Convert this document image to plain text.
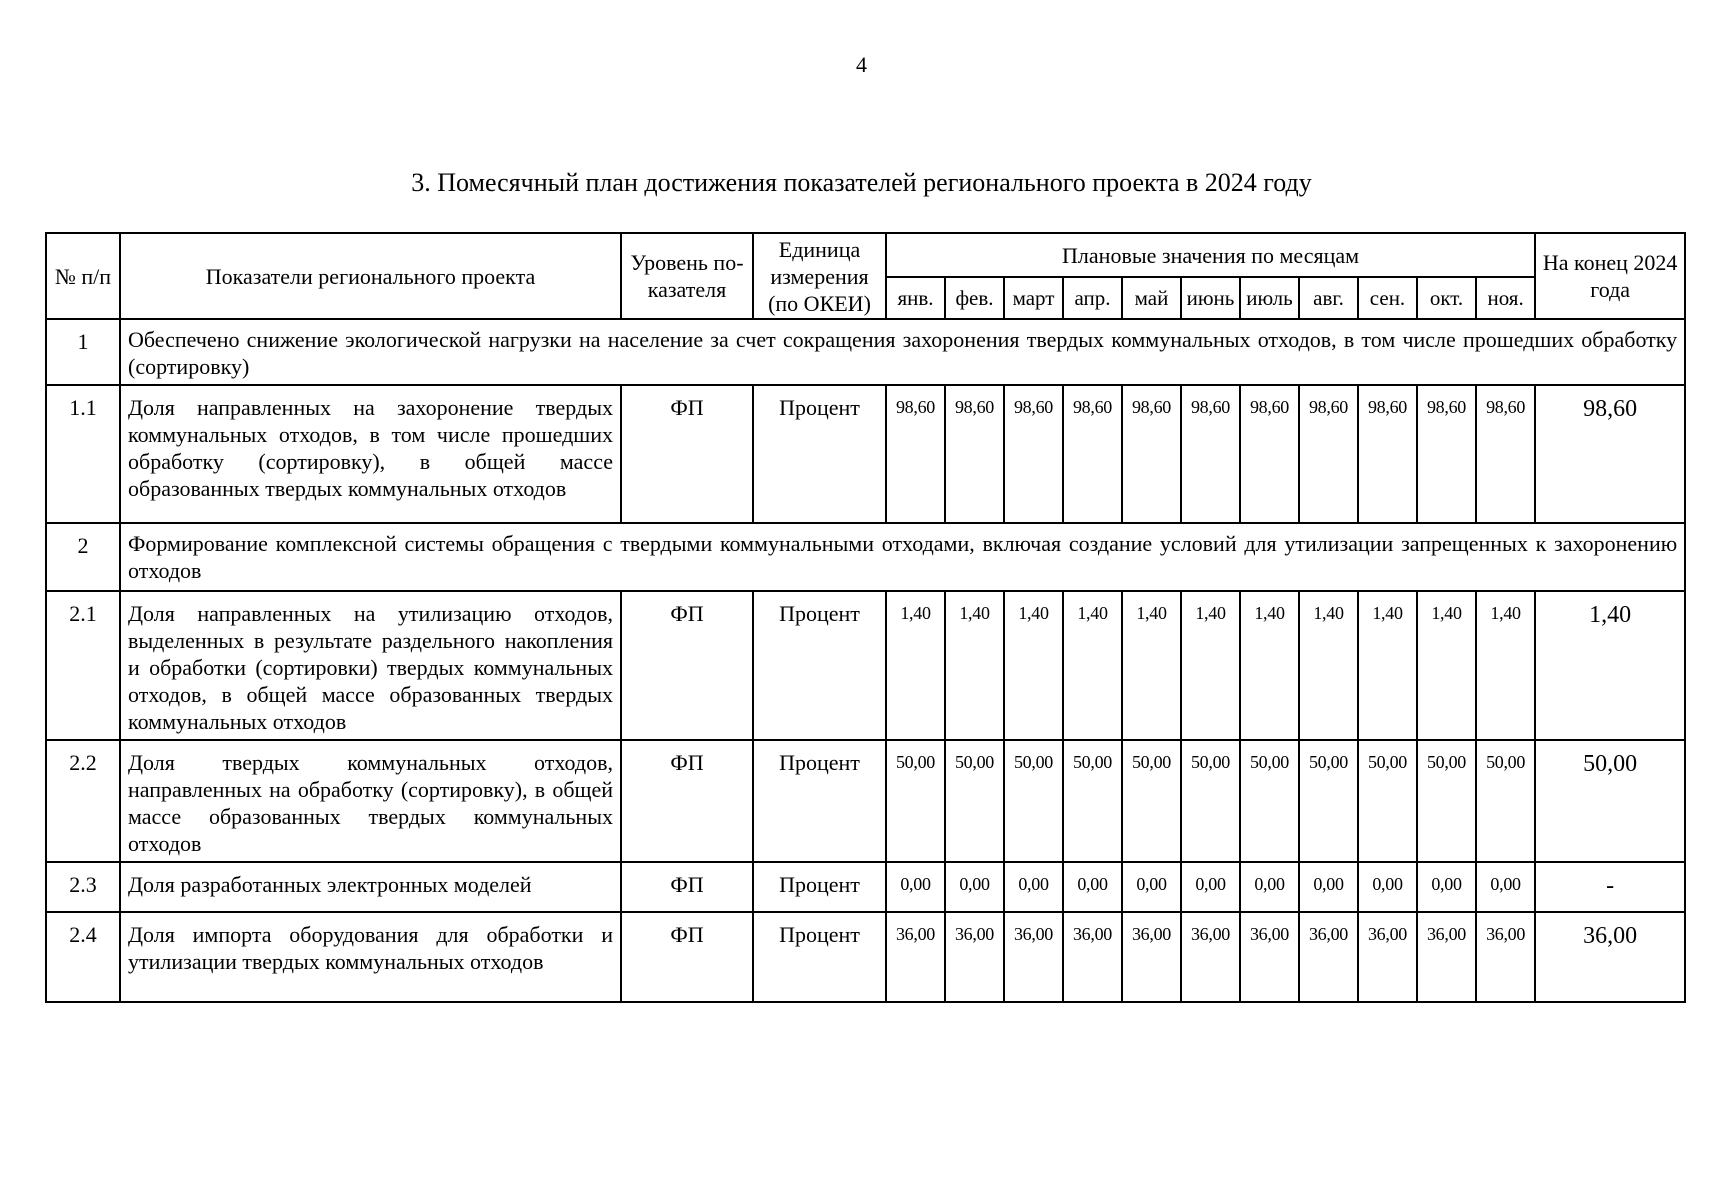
4
3. Помесячный план достижения показателей регионального проекта в 2024 году
№ п/п	Показатели регионального проекта	Уровень по-казателя	Единица измерения (по ОКЕИ)	Плановые значения по месяцам											На конец 2024 года
				янв.	фев.	март	апр.	май	июнь	июль	авг.	сен.	окт.	ноя.	
1	Обеспечено снижение экологической нагрузки на население за счет сокращения захоронения твердых коммунальных отходов, в том числе прошедших обработку (сортировку)														
1.1	Доля направленных на захоронение твердых коммунальных отходов, в том числе прошедших обработку (сортировку), в общей массе образованных твердых коммунальных отходов	ФП	Процент	98,60	98,60	98,60	98,60	98,60	98,60	98,60	98,60	98,60	98,60	98,60	98,60
2	Формирование комплексной системы обращения с твердыми коммунальными отходами, включая создание условий для утилизации запрещенных к захоронению отходов														
2.1	Доля направленных на утилизацию отходов, выделенных в результате раздельного накопления и обработки (сортировки) твердых коммунальных отходов, в общей массе образованных твердых коммунальных отходов	ФП	Процент	1,40	1,40	1,40	1,40	1,40	1,40	1,40	1,40	1,40	1,40	1,40	1,40
2.2	Доля твердых коммунальных отходов, направленных на обработку (сортировку), в общей массе образованных твердых коммунальных отходов	ФП	Процент	50,00	50,00	50,00	50,00	50,00	50,00	50,00	50,00	50,00	50,00	50,00	50,00
2.3	Доля разработанных электронных моделей	ФП	Процент	0,00	0,00	0,00	0,00	0,00	0,00	0,00	0,00	0,00	0,00	0,00	-
2.4	Доля импорта оборудования для обработки и утилизации твердых коммунальных отходов	ФП	Процент	36,00	36,00	36,00	36,00	36,00	36,00	36,00	36,00	36,00	36,00	36,00	36,00
